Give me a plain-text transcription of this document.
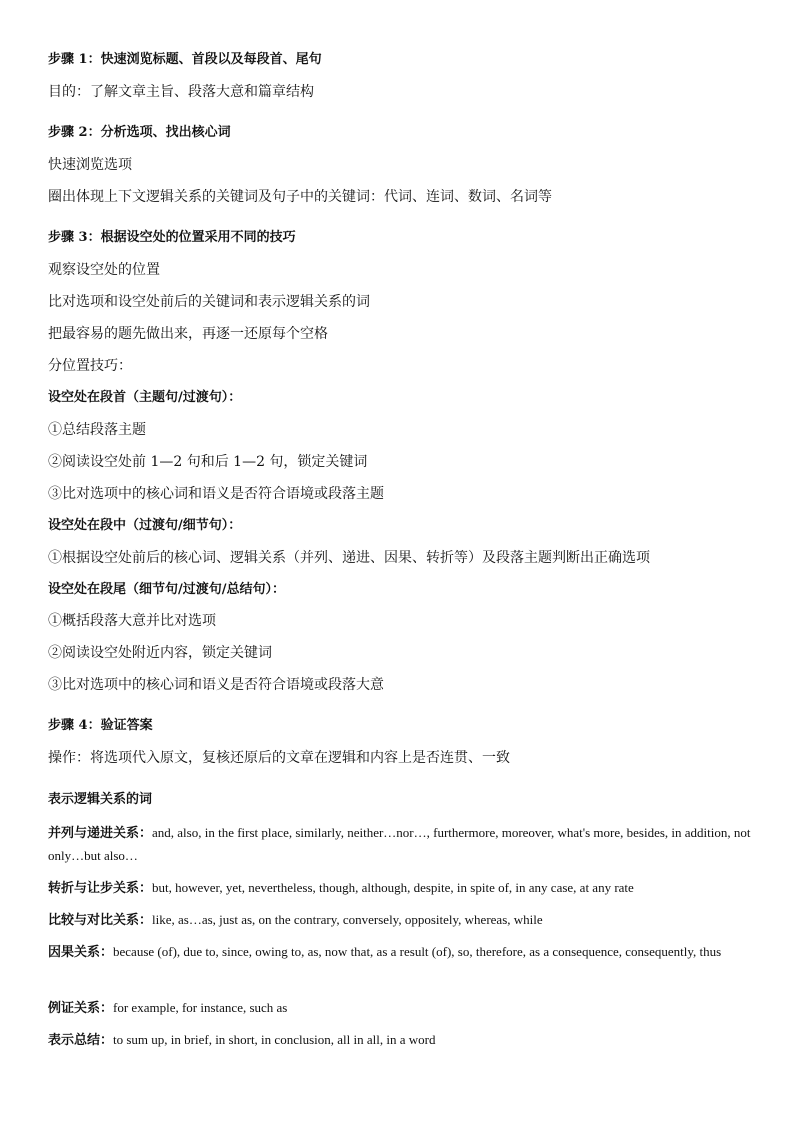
步骤 1：快速浏览标题、首段以及每段首、尾句
目的：了解文章主旨、段落大意和篇章结构
步骤 2：分析选项、找出核心词
快速浏览选项
圈出体现上下文逻辑关系的关键词及句子中的关键词：代词、连词、数词、名词等
步骤 3：根据设空处的位置采用不同的技巧
观察设空处的位置
比对选项和设空处前后的关键词和表示逻辑关系的词
把最容易的题先做出来，再逐一还原每个空格
分位置技巧：
设空处在段首（主题句/过渡句）：
①总结段落主题
②阅读设空处前 1—2 句和后 1—2 句，锁定关键词
③比对选项中的核心词和语义是否符合语境或段落主题
设空处在段中（过渡句/细节句）：
①根据设空处前后的核心词、逻辑关系（并列、递进、因果、转折等）及段落主题判断出正确选项
设空处在段尾（细节句/过渡句/总结句）：
①概括段落大意并比对选项
②阅读设空处附近内容，锁定关键词
③比对选项中的核心词和语义是否符合语境或段落大意
步骤 4：验证答案
操作：将选项代入原文，复核还原后的文章在逻辑和内容上是否连贯、一致
表示逻辑关系的词
并列与递进关系：and, also, in the first place, similarly, neither…nor…, furthermore, moreover, what's more, besides, in addition, not only…but also…
转折与让步关系：but, however, yet, nevertheless, though, although, despite, in spite of, in any case, at any rate
比较与对比关系：like, as…as, just as, on the contrary, conversely, oppositely, whereas, while
因果关系：because (of), due to, since, owing to, as, now that, as a result (of), so, therefore, as a consequence, consequently, thus
例证关系：for example, for instance, such as
表示总结：to sum up, in brief, in short, in conclusion, all in all, in a word
